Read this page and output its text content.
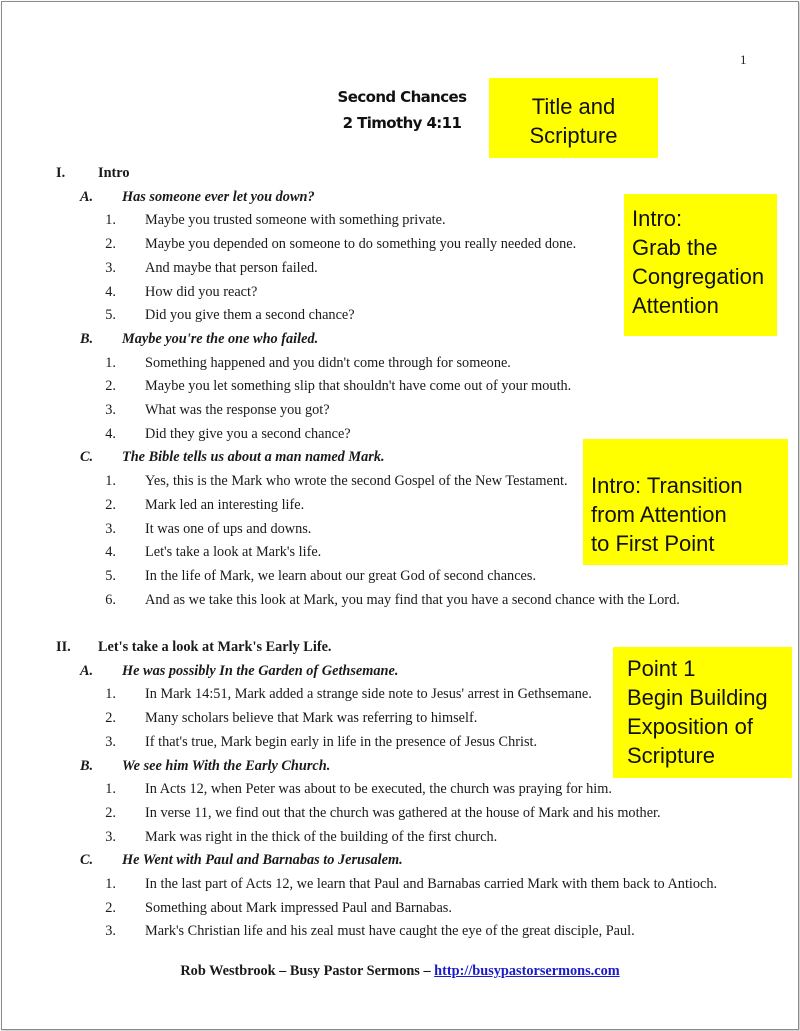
1
Second Chances
2 Timothy 4:11
I. Intro
A. Has someone ever let you down?
1. Maybe you trusted someone with something private.
2. Maybe you depended on someone to do something you really needed done.
3. And maybe that person failed.
4. How did you react?
5. Did you give them a second chance?
B. Maybe you're the one who failed.
1. Something happened and you didn't come through for someone.
2. Maybe you let something slip that shouldn't have come out of your mouth.
3. What was the response you got?
4. Did they give you a second chance?
C. The Bible tells us about a man named Mark.
1. Yes, this is the Mark who wrote the second Gospel of the New Testament.
2. Mark led an interesting life.
3. It was one of ups and downs.
4. Let's take a look at Mark's life.
5. In the life of Mark, we learn about our great God of second chances.
6. And as we take this look at Mark, you may find that you have a second chance with the Lord.
II. Let's take a look at Mark's Early Life.
A. He was possibly In the Garden of Gethsemane.
1. In Mark 14:51, Mark added a strange side note to Jesus' arrest in Gethsemane.
2. Many scholars believe that Mark was referring to himself.
3. If that's true, Mark begin early in life in the presence of Jesus Christ.
B. We see him With the Early Church.
1. In Acts 12, when Peter was about to be executed, the church was praying for him.
2. In verse 11, we find out that the church was gathered at the house of Mark and his mother.
3. Mark was right in the thick of the building of the first church.
C. He Went with Paul and Barnabas to Jerusalem.
1. In the last part of Acts 12, we learn that Paul and Barnabas carried Mark with them back to Antioch.
2. Something about Mark impressed Paul and Barnabas.
3. Mark's Christian life and his zeal must have caught the eye of the great disciple, Paul.
Title and
Scripture
Intro:
Grab the
Congregation
Attention
Intro: Transition
from Attention
to First Point
Point 1
Begin Building
Exposition of
Scripture
Rob Westbrook – Busy Pastor Sermons – http://busypastorsermons.com
